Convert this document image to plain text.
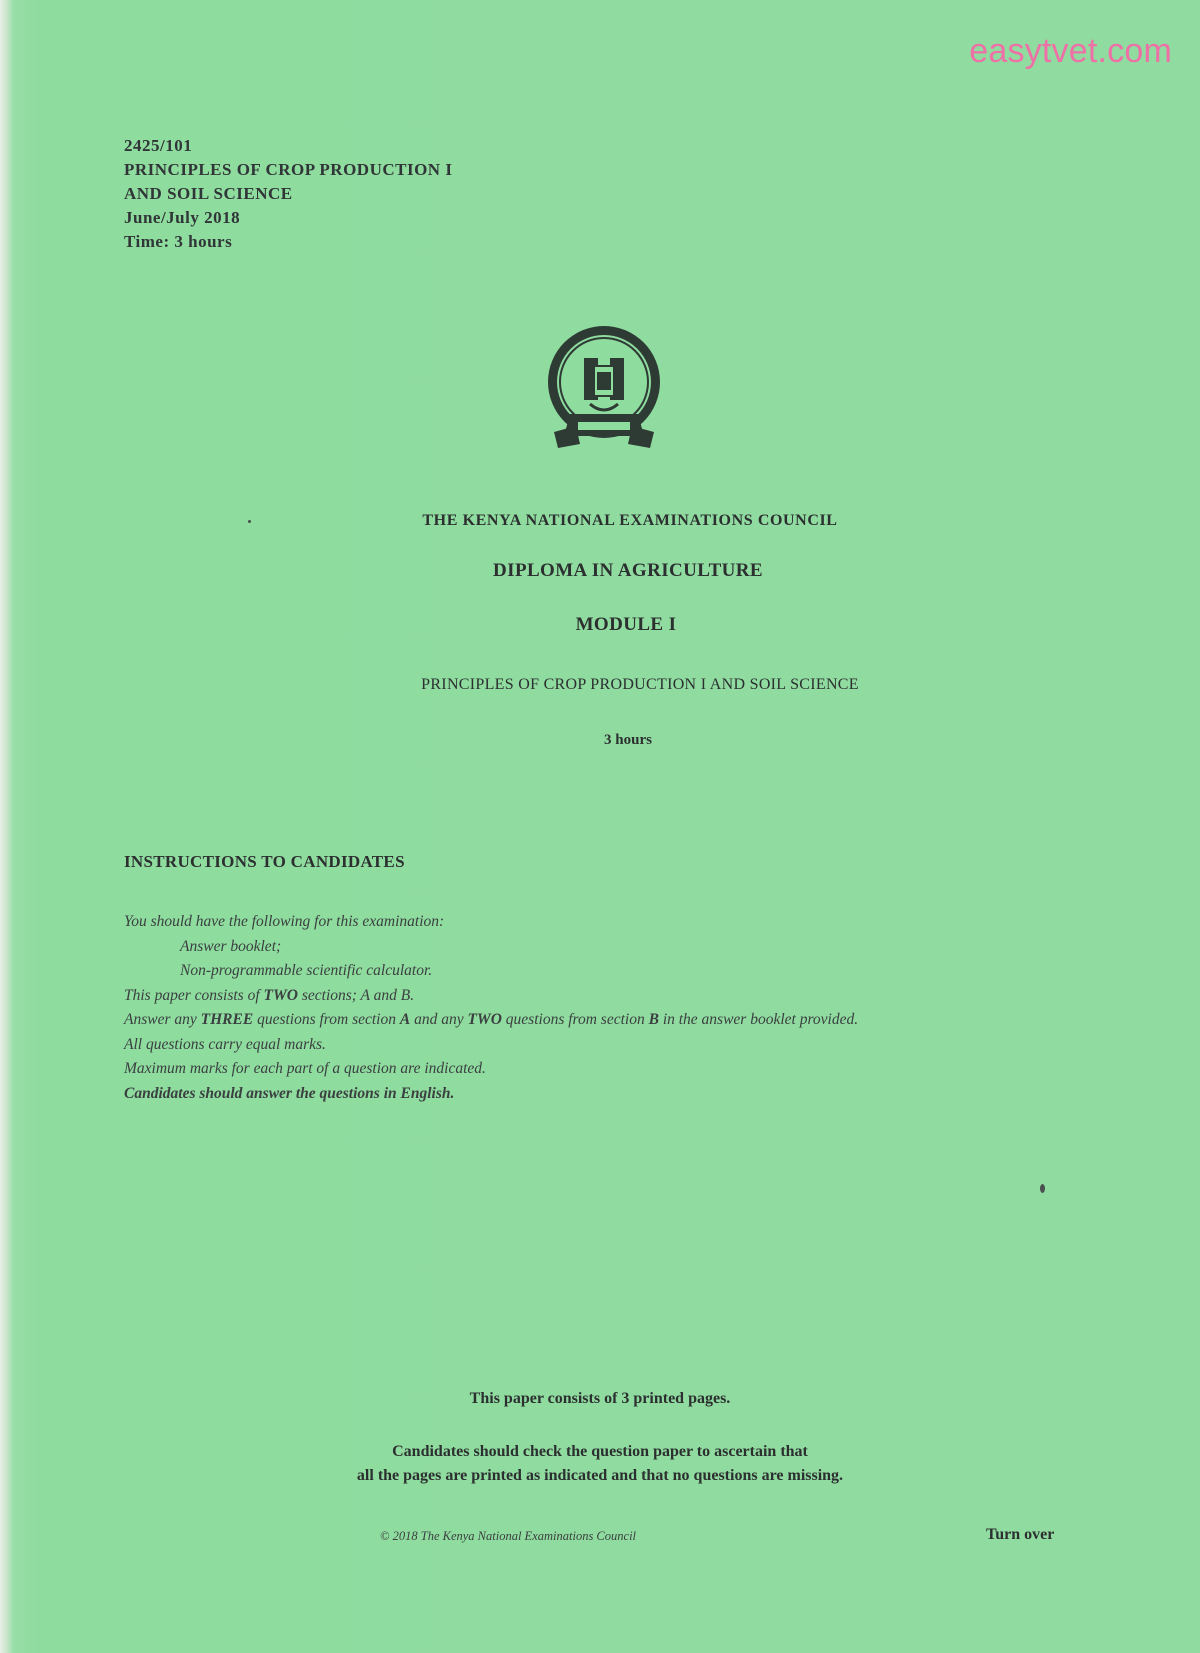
easytvet.com
2425/101
PRINCIPLES OF CROP PRODUCTION I
AND SOIL SCIENCE
June/July 2018
Time: 3 hours
THE KENYA NATIONAL EXAMINATIONS COUNCIL
DIPLOMA IN AGRICULTURE
MODULE I
PRINCIPLES OF CROP PRODUCTION I AND SOIL SCIENCE
3 hours
INSTRUCTIONS TO CANDIDATES
You should have the following for this examination:
Answer booklet;
Non-programmable scientific calculator.
This paper consists of TWO sections; A and B.
Answer any THREE questions from section A and any TWO questions from section B in the answer booklet provided.
All questions carry equal marks.
Maximum marks for each part of a question are indicated.
Candidates should answer the questions in English.
This paper consists of 3 printed pages.
Candidates should check the question paper to ascertain that
all the pages are printed as indicated and that no questions are missing.
© 2018 The Kenya National Examinations Council	Turn over
